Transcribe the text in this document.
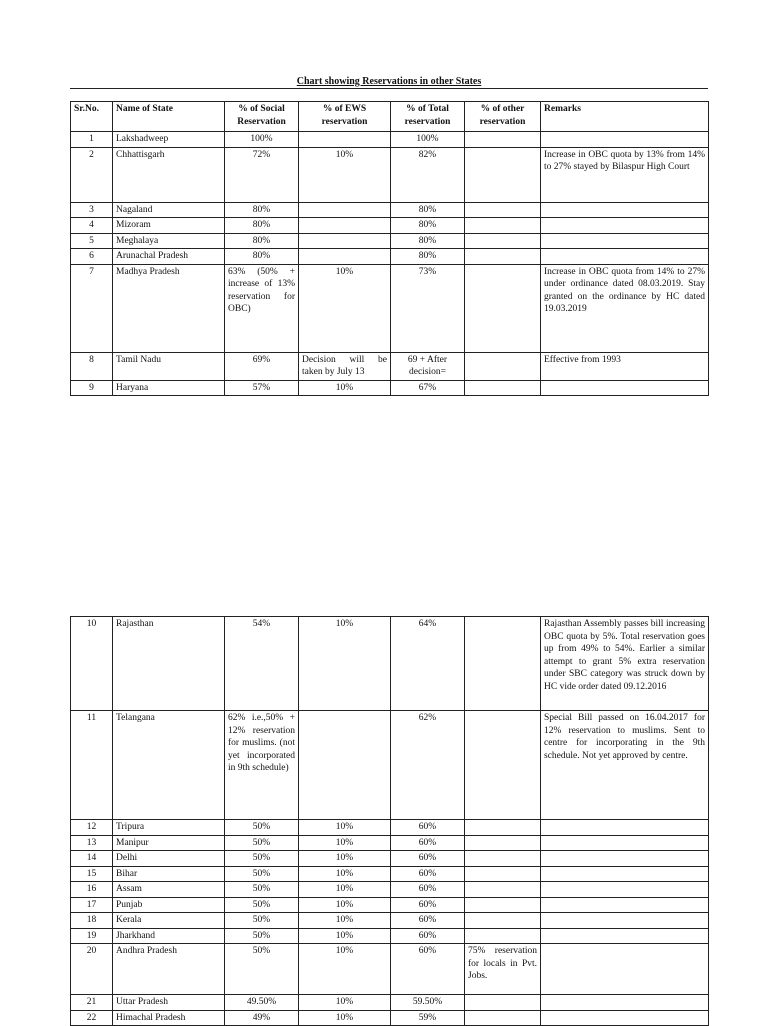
Chart showing Reservations in other States
Sr.No.	Name of State	% of Social Reservation	% of EWS reservation	% of Total reservation	% of other reservation	Remarks
1	Lakshadweep	100%		100%		
2	Chhattisgarh	72%	10%	82%		Increase in OBC quota by 13% from 14% to 27% stayed by Bilaspur High Court
3	Nagaland	80%		80%		
4	Mizoram	80%		80%		
5	Meghalaya	80%		80%		
6	Arunachal Pradesh	80%		80%		
7	Madhya Pradesh	63% (50% + increase of 13% reservation for OBC)	10%	73%		Increase in OBC quota from 14% to 27% under ordinance dated 08.03.2019. Stay granted on the ordinance by HC dated 19.03.2019
8	Tamil Nadu	69%	Decision will be taken by July 13	69 + After decision=		Effective from 1993
9	Haryana	57%	10%	67%		
10	Rajasthan	54%	10%	64%		Rajasthan Assembly passes bill increasing OBC quota by 5%. Total reservation goes up from 49% to 54%. Earlier a similar attempt to grant 5% extra reservation under SBC category was struck down by HC vide order dated 09.12.2016
11	Telangana	62% i.e.,50% + 12% reservation for muslims. (not yet incorporated in 9th schedule)		62%		Special Bill passed on 16.04.2017 for 12% reservation to muslims. Sent to centre for incorporating in the 9th schedule. Not yet approved by centre.
12	Tripura	50%	10%	60%		
13	Manipur	50%	10%	60%		
14	Delhi	50%	10%	60%		
15	Bihar	50%	10%	60%		
16	Assam	50%	10%	60%		
17	Punjab	50%	10%	60%		
18	Kerala	50%	10%	60%		
19	Jharkhand	50%	10%	60%		
20	Andhra Pradesh	50%	10%	60%	75% reservation for locals in Pvt. Jobs.	
21	Uttar Pradesh	49.50%	10%	59.50%		
22	Himachal Pradesh	49%	10%	59%		
